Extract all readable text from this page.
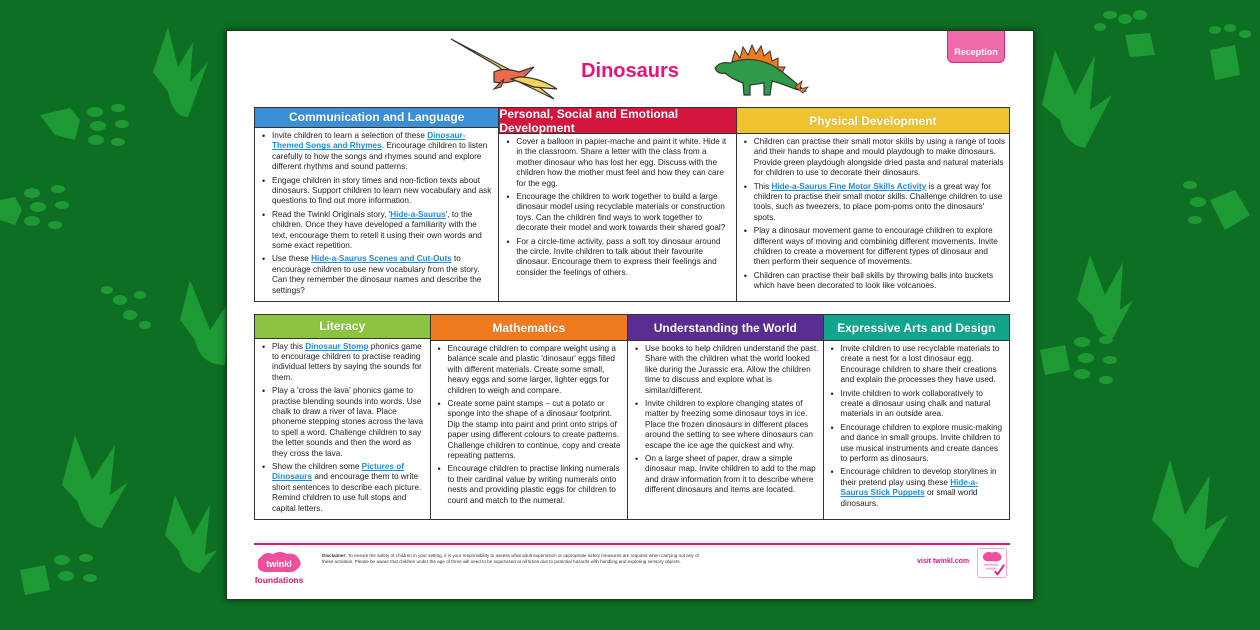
Dinosaurs
Reception
Communication and Language
• Invite children to learn a selection of these Dinosaur-Themed Songs and Rhymes. Encourage children to listen carefully to how the songs and rhymes sound and explore different rhythms and sound patterns.
• Engage children in story times and non-fiction texts about dinosaurs. Support children to learn new vocabulary and ask questions to find out more information.
• Read the Twinkl Originals story, 'Hide-a-Saurus', to the children. Once they have developed a familiarity with the text, encourage them to retell it using their own words and some exact repetition.
• Use these Hide-a-Saurus Scenes and Cut-Outs to encourage children to use new vocabulary from the story. Can they remember the dinosaur names and describe the settings?
Personal, Social and Emotional Development
• Cover a balloon in papier-mache and paint it white. Hide it in the classroom. Share a letter with the class from a mother dinosaur who has lost her egg. Discuss with the children how the mother must feel and how they can care for the egg.
• Encourage the children to work together to build a large dinosaur model using recyclable materials or construction toys. Can the children find ways to work together to decorate their model and work towards their shared goal?
• For a circle-time activity, pass a soft toy dinosaur around the circle. Invite children to talk about their favourite dinosaur. Encourage them to express their feelings and consider the feelings of others.
Physical Development
• Children can practise their small motor skills by using a range of tools and their hands to shape and mould playdough to make dinosaurs. Provide green playdough alongside dried pasta and natural materials for children to use to decorate their dinosaurs.
• This Hide-a-Saurus Fine Motor Skills Activity is a great way for children to practise their small motor skills. Challenge children to use tools, such as tweezers, to place pom-poms onto the dinosaurs' spots.
• Play a dinosaur movement game to encourage children to explore different ways of moving and combining different movements. Invite children to create a movement for different types of dinosaur and then perform their sequence of movements.
• Children can practise their ball skills by throwing balls into buckets which have been decorated to look like volcanoes.
Literacy
• Play this Dinosaur Stomp phonics game to encourage children to practise reading individual letters by saying the sounds for them.
• Play a 'cross the lava' phonics game to practise blending sounds into words. Use chalk to draw a river of lava. Place phoneme stepping stones across the lava to spell a word. Challenge children to say the letter sounds and then the word as they cross the lava.
• Show the children some Pictures of Dinosaurs and encourage them to write short sentences to describe each picture. Remind children to use full stops and capital letters.
Mathematics
• Encourage children to compare weight using a balance scale and plastic 'dinosaur' eggs filled with different materials. Create some small, heavy eggs and some larger, lighter eggs for children to weigh and compare.
• Create some paint stamps – cut a potato or sponge into the shape of a dinosaur footprint. Dip the stamp into paint and print onto strips of paper using different colours to create patterns. Challenge children to continue, copy and create repeating patterns.
• Encourage children to practise linking numerals to their cardinal value by writing numerals onto nests and providing plastic eggs for children to count and match to the numeral.
Understanding the World
• Use books to help children understand the past. Share with the children what the world looked like during the Jurassic era. Allow the children time to discuss and explore what is similar/different.
• Invite children to explore changing states of matter by freezing some dinosaur toys in ice. Place the frozen dinosaurs in different places around the setting to see where dinosaurs can escape the ice age the quickest and why.
• On a large sheet of paper, draw a simple dinosaur map. Invite children to add to the map and draw information from it to describe where different dinosaurs and items are located.
Expressive Arts and Design
• Invite children to use recyclable materials to create a nest for a lost dinosaur egg. Encourage children to share their creations and explain the processes they have used.
• Invite children to work collaboratively to create a dinosaur using chalk and natural materials in an outside area.
• Encourage children to explore music-making and dance in small groups. Invite children to use musical instruments and create dances to perform as dinosaurs.
• Encourage children to develop storylines in their pretend play using these Hide-a-Saurus Stick Puppets or small world dinosaurs.
twinkl
foundations
Disclaimer: To ensure the safety of children in your setting, it is your responsibility to assess what adult supervision or appropriate safety measures are required when carrying out any of these activities. Please be aware that children under the age of three will need to be supervised at all times due to potential hazards with handling and exploring sensory objects.	visit twinkl.com
